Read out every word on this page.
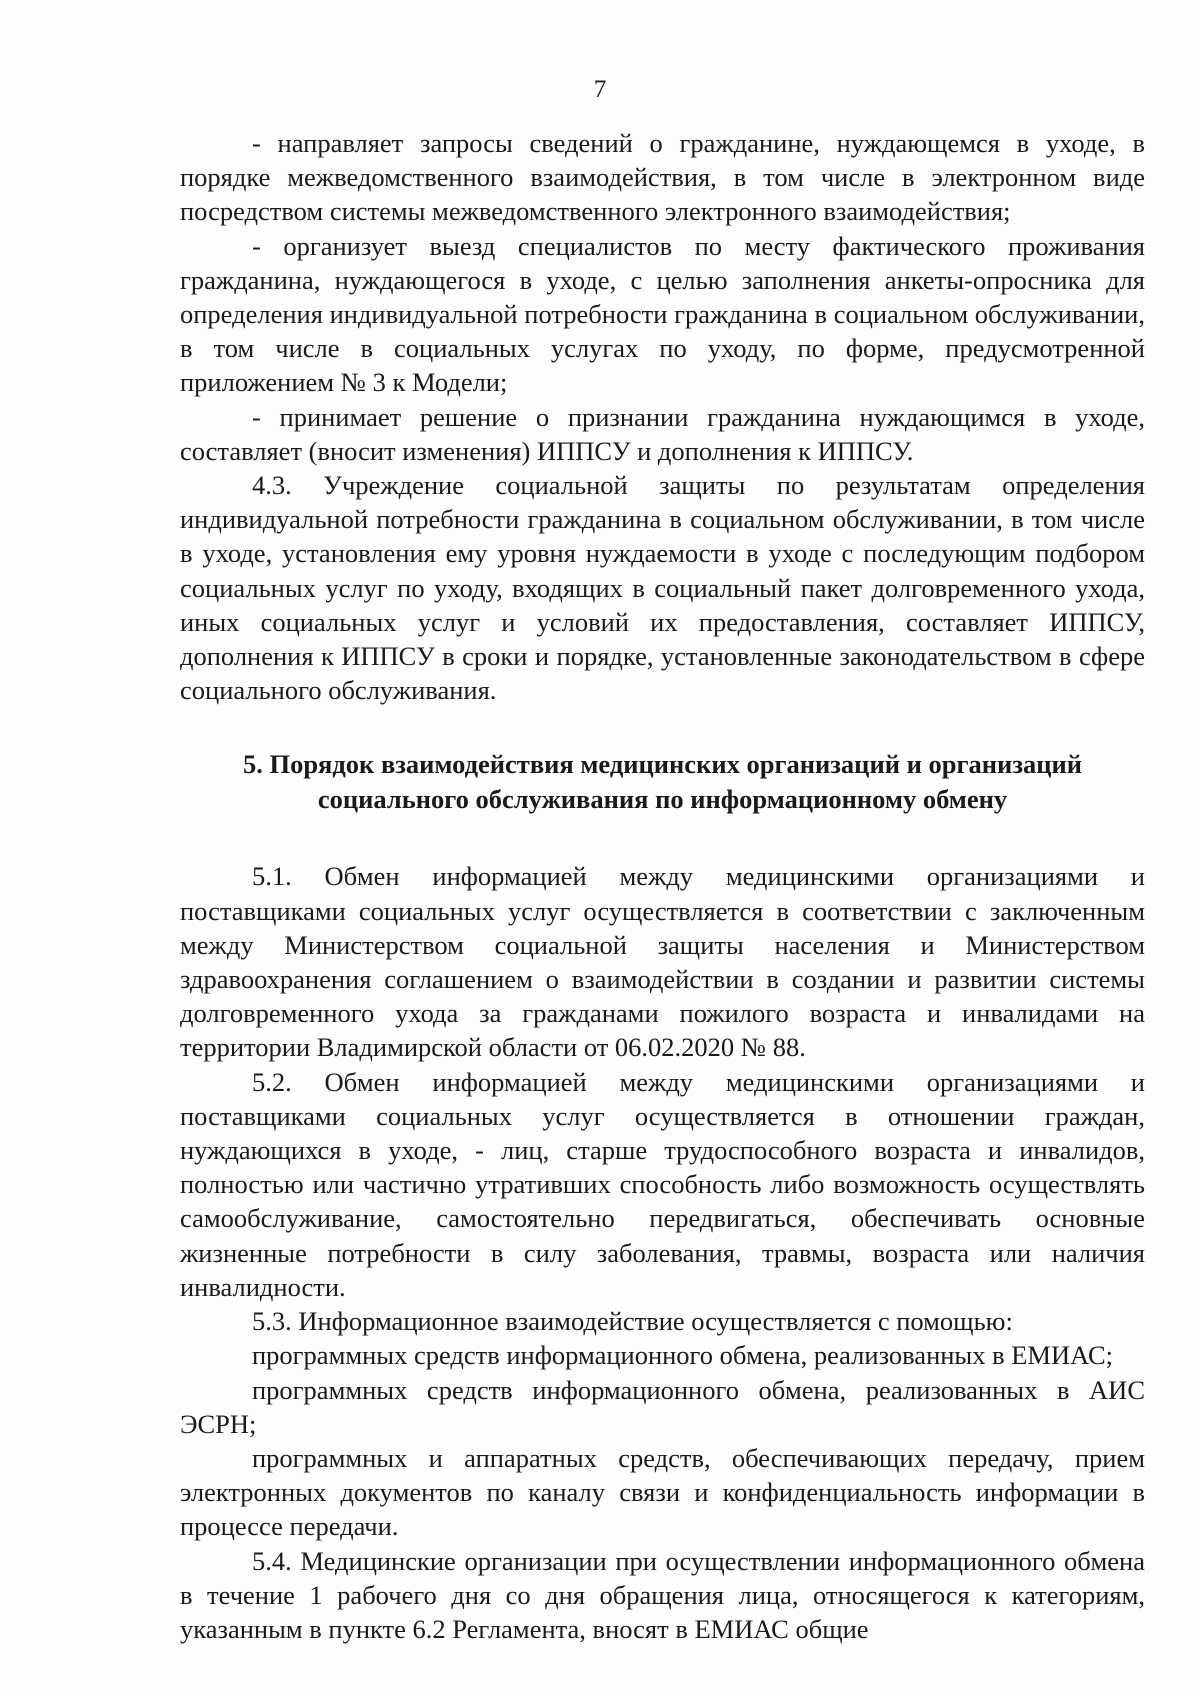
7

- направляет запросы сведений о гражданине, нуждающемся в уходе, в порядке межведомственного взаимодействия, в том числе в электронном виде посредством системы межведомственного электронного взаимодействия;

- организует выезд специалистов по месту фактического проживания гражданина, нуждающегося в уходе, с целью заполнения анкеты-опросника для определения индивидуальной потребности гражданина в социальном обслуживании, в том числе в социальных услугах по уходу, по форме, предусмотренной приложением № 3 к Модели;

- принимает решение о признании гражданина нуждающимся в уходе, составляет (вносит изменения) ИППСУ и дополнения к ИППСУ.

4.3. Учреждение социальной защиты по результатам определения индивидуальной потребности гражданина в социальном обслуживании, в том числе в уходе, установления ему уровня нуждаемости в уходе с последующим подбором социальных услуг по уходу, входящих в социальный пакет долговременного ухода, иных социальных услуг и условий их предоставления, составляет ИППСУ, дополнения к ИППСУ в сроки и порядке, установленные законодательством в сфере социального обслуживания.

5. Порядок взаимодействия медицинских организаций и организаций
социального обслуживания по информационному обмену

5.1. Обмен информацией между медицинскими организациями и поставщиками социальных услуг осуществляется в соответствии с заключенным между Министерством социальной защиты населения и Министерством здравоохранения соглашением о взаимодействии в создании и развитии системы долговременного ухода за гражданами пожилого возраста и инвалидами на территории Владимирской области от 06.02.2020 № 88.

5.2. Обмен информацией между медицинскими организациями и поставщиками социальных услуг осуществляется в отношении граждан, нуждающихся в уходе, - лиц, старше трудоспособного возраста и инвалидов, полностью или частично утративших способность либо возможность осуществлять самообслуживание, самостоятельно передвигаться, обеспечивать основные жизненные потребности в силу заболевания, травмы, возраста или наличия инвалидности.

5.3. Информационное взаимодействие осуществляется с помощью:

программных средств информационного обмена, реализованных в ЕМИАС;

программных средств информационного обмена, реализованных в АИС ЭСРН;

программных и аппаратных средств, обеспечивающих передачу, прием электронных документов по каналу связи и конфиденциальность информации в процессе передачи.

5.4. Медицинские организации при осуществлении информационного обмена в течение 1 рабочего дня со дня обращения лица, относящегося к категориям, указанным в пункте 6.2 Регламента, вносят в ЕМИАС общие
